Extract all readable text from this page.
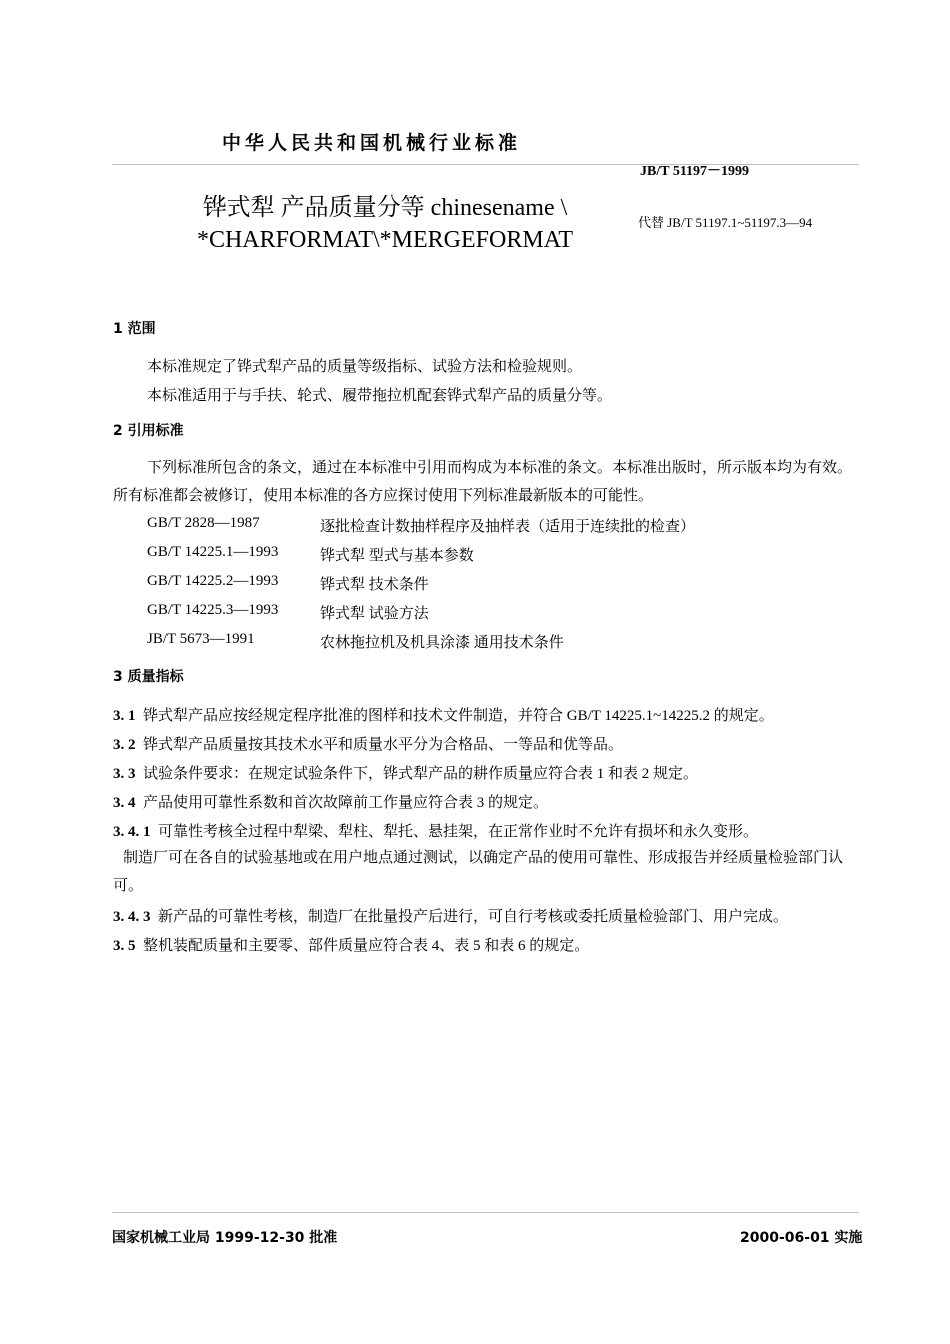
中华人民共和国机械行业标准
JB/T 51197－1999
铧式犁 产品质量分等 chinesename \ *CHARFORMAT\*MERGEFORMAT
代替 JB/T 51197.1~51197.3—94
1 范围
本标准规定了铧式犁产品的质量等级指标、试验方法和检验规则。
本标准适用于与手扶、轮式、履带拖拉机配套铧式犁产品的质量分等。
2 引用标准
下列标准所包含的条文，通过在本标准中引用而构成为本标准的条文。本标准出版时，所示版本均为有效。所有标准都会被修订，使用本标准的各方应探讨使用下列标准最新版本的可能性。
GB/T 2828—1987	逐批检查计数抽样程序及抽样表（适用于连续批的检查）
GB/T 14225.1—1993	铧式犁 型式与基本参数
GB/T 14225.2—1993	铧式犁 技术条件
GB/T 14225.3—1993	铧式犁 试验方法
JB/T 5673—1991	农林拖拉机及机具涂漆 通用技术条件
3 质量指标
3. 1 铧式犁产品应按经规定程序批准的图样和技术文件制造，并符合 GB/T 14225.1~14225.2 的规定。
3. 2 铧式犁产品质量按其技术水平和质量水平分为合格品、一等品和优等品。
3. 3 试验条件要求：在规定试验条件下，铧式犁产品的耕作质量应符合表 1 和表 2 规定。
3. 4 产品使用可靠性系数和首次故障前工作量应符合表 3 的规定。
3. 4. 1 可靠性考核全过程中犁梁、犁柱、犁托、悬挂架，在正常作业时不允许有损坏和永久变形。
制造厂可在各自的试验基地或在用户地点通过测试，以确定产品的使用可靠性、形成报告并经质量检验部门认可。
3. 4. 3 新产品的可靠性考核，制造厂在批量投产后进行，可自行考核或委托质量检验部门、用户完成。
3. 5 整机装配质量和主要零、部件质量应符合表 4、表 5 和表 6 的规定。
国家机械工业局 1999-12-30 批准	2000-06-01 实施
